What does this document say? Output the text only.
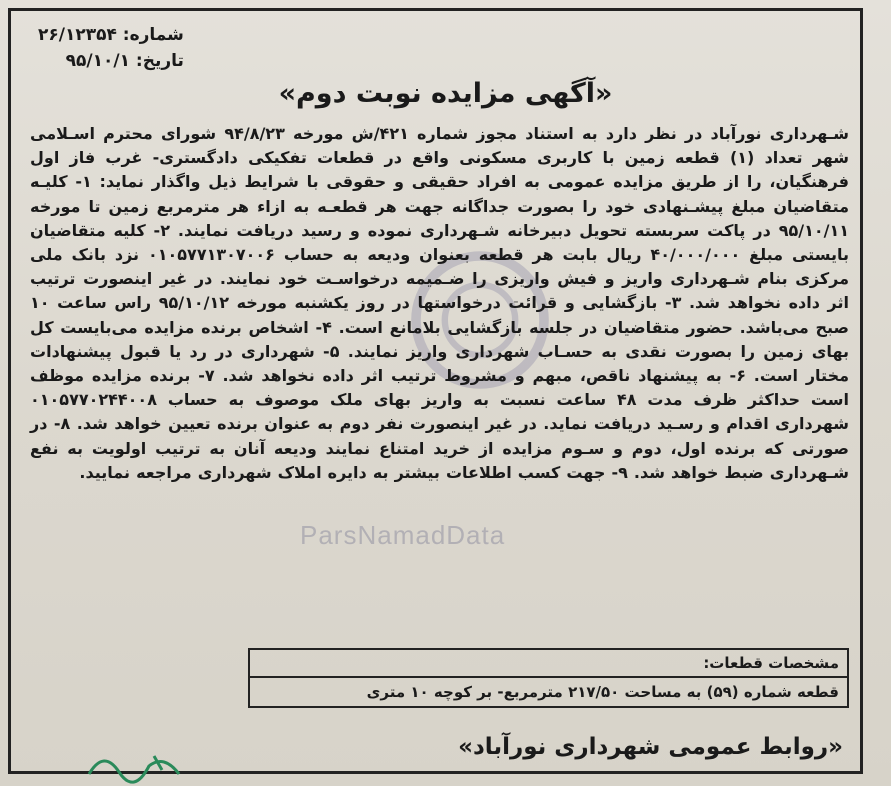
شماره: ۲۶/۱۲۳۵۴
تاریخ: ۹۵/۱۰/۱
«آگهی مزایده نوبت دوم»
ParsNamadData

شـهرداری نورآباد در نظر دارد به استناد مجوز شماره ۴۲۱/ش مورخه ۹۴/۸/۲۳ شورای محترم اسـلامی شهر تعداد (۱) قطعه زمین با کاربری مسکونی واقع در قطعات تفکیکی دادگستری- غرب فاز اول فرهنگیان، را از طریق مزایده عمومی به افراد حقیقی و حقوقی با شرایط ذیل واگذار نماید: ۱- کلیـه متقاضیان مبلغ پیشـنهادی خود را بصورت جداگانه جهت هر قطعـه به ازاء هر مترمربع زمین تا مورخه ۹۵/۱۰/۱۱ در پاکت سربسته تحویل دبیرخانه شـهرداری نموده و رسید دریافت نمایند. ۲- کلیه متقاضیان بایستی مبلغ ۴۰/۰۰۰/۰۰۰ ریال بابت هر قطعه بعنوان ودیعه به حساب ۰۱۰۵۷۷۱۳۰۷۰۰۶ نزد بانک ملی مرکزی بنام شـهرداری واریز و فیش واریزی را ضـمیمه درخواسـت خود نمایند. در غیر اینصورت ترتیب اثر داده نخواهد شد. ۳- بازگشایی و قرائت درخواستها در روز یکشنبه مورخه ۹۵/۱۰/۱۲ راس ساعت ۱۰ صبح می‌باشد. حضور متقاضیان در جلسه بازگشایی بلامانع است. ۴- اشخاص برنده مزایده می‌بایست کل بهای زمین را بصورت نقدی به حسـاب شهرداری واریز نمایند. ۵- شهرداری در رد یا قبول پیشنهادات مختار است. ۶- به پیشنهاد ناقص، مبهم و مشروط ترتیب اثر داده نخواهد شد. ۷- برنده مزایده موظف است حداکثر ظرف مدت ۴۸ ساعت نسبت به واریز بهای ملک موصوف به حساب ۰۱۰۵۷۷۰۲۴۴۰۰۸ شهرداری اقدام و رسـید دریافت نماید. در غیر اینصورت نفر دوم به عنوان برنده تعیین خواهد شد. ۸- در صورتی که برنده اول، دوم و سـوم مزایده از خرید امتناع نمایند ودیعه آنان به ترتیب اولویت به نفع شـهرداری ضبط خواهد شد. ۹- جهت کسب اطلاعات بیشتر به دایره املاک شهرداری مراجعه نمایید.

مشخصات قطعات:
قطعه شماره (۵۹) به مساحت ۲۱۷/۵۰ مترمربع- بر کوچه ۱۰ متری
«روابط عمومی شهرداری نورآباد»
